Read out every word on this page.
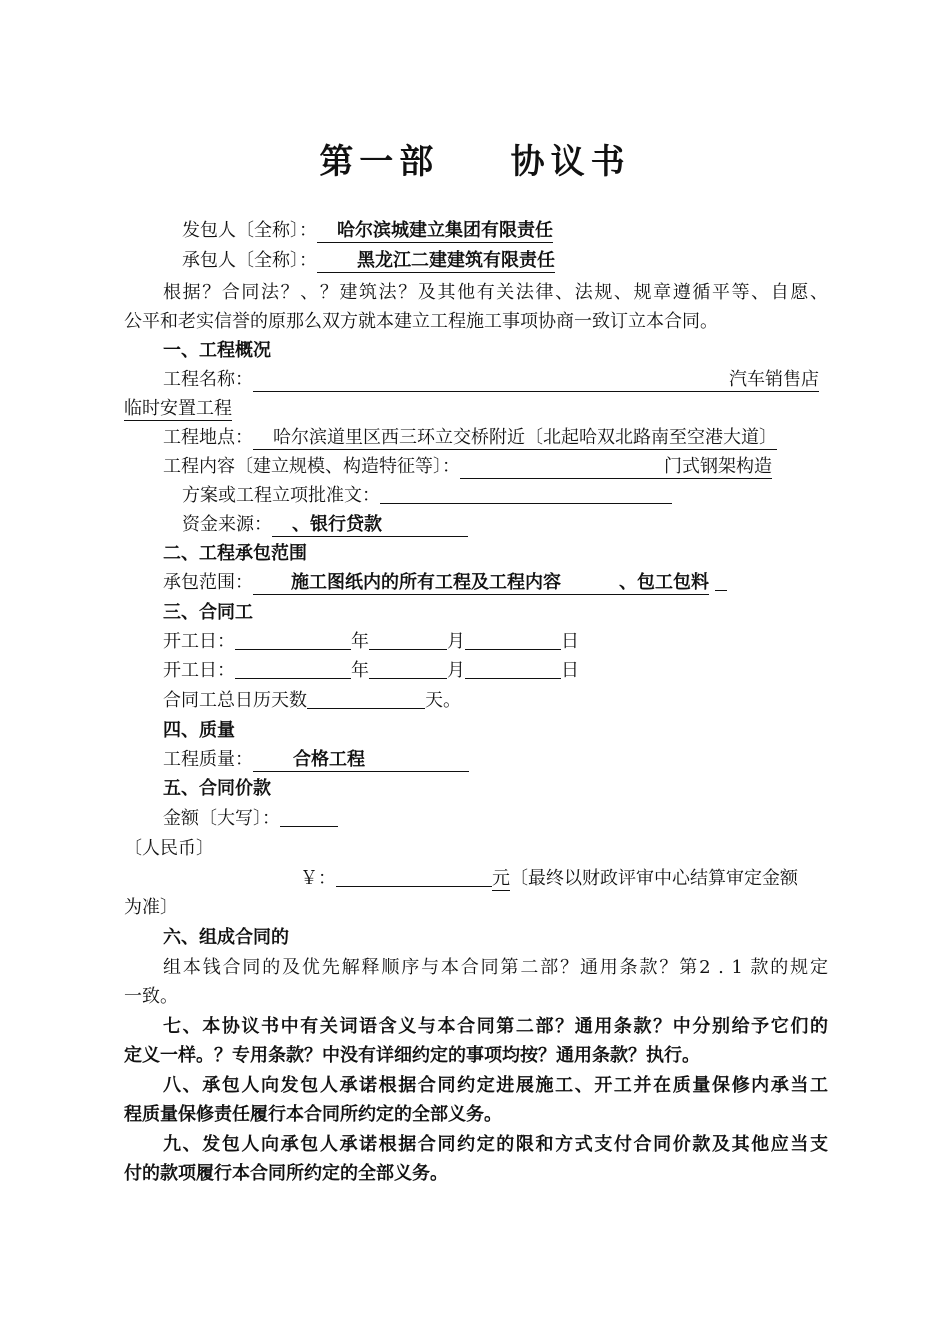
第一部    协议书
发包人〔全称〕： 哈尔滨城建立集团有限责任
承包人〔全称〕： 黑龙江二建建筑有限责任
根据？合同法？、？建筑法？及其他有关法律、法规、规章遵循平等、自愿、
公平和老实信誉的原那么双方就本建立工程施工事项协商一致订立本合同。
一、工程概况
工程名称：	汽车销售店
临时安置工程
工程地点： 哈尔滨道里区西三环立交桥附近〔北起哈双北路南至空港大道〕
工程内容〔建立规模、构造特征等〕：	门式钢架构造
方案或工程立项批准文：
资金来源： 、银行贷款
二、工程承包范围
承包范围： 施工图纸内的所有工程及工程内容	、包工包料
三、合同工
开工日：	年	月	日
开工日：	年	月	日
合同工总日历天数	天。
四、质量
工程质量： 合格工程
五、合同价款
金额〔大写〕：
〔人民币〕
￥：	元〔最终以财政评审中心结算审定金额
为准〕
六、组成合同的
组本钱合同的及优先解释顺序与本合同第二部？通用条款？第2 . 1 款的规定
一致。
七、本协议书中有关词语含义与本合同第二部？通用条款？中分别给予它们的
定义一样。？专用条款？中没有详细约定的事项均按？通用条款？执行。
八、承包人向发包人承诺根据合同约定进展施工、开工并在质量保修内承当工
程质量保修责任履行本合同所约定的全部义务。
九、发包人向承包人承诺根据合同约定的限和方式支付合同价款及其他应当支
付的款项履行本合同所约定的全部义务。
